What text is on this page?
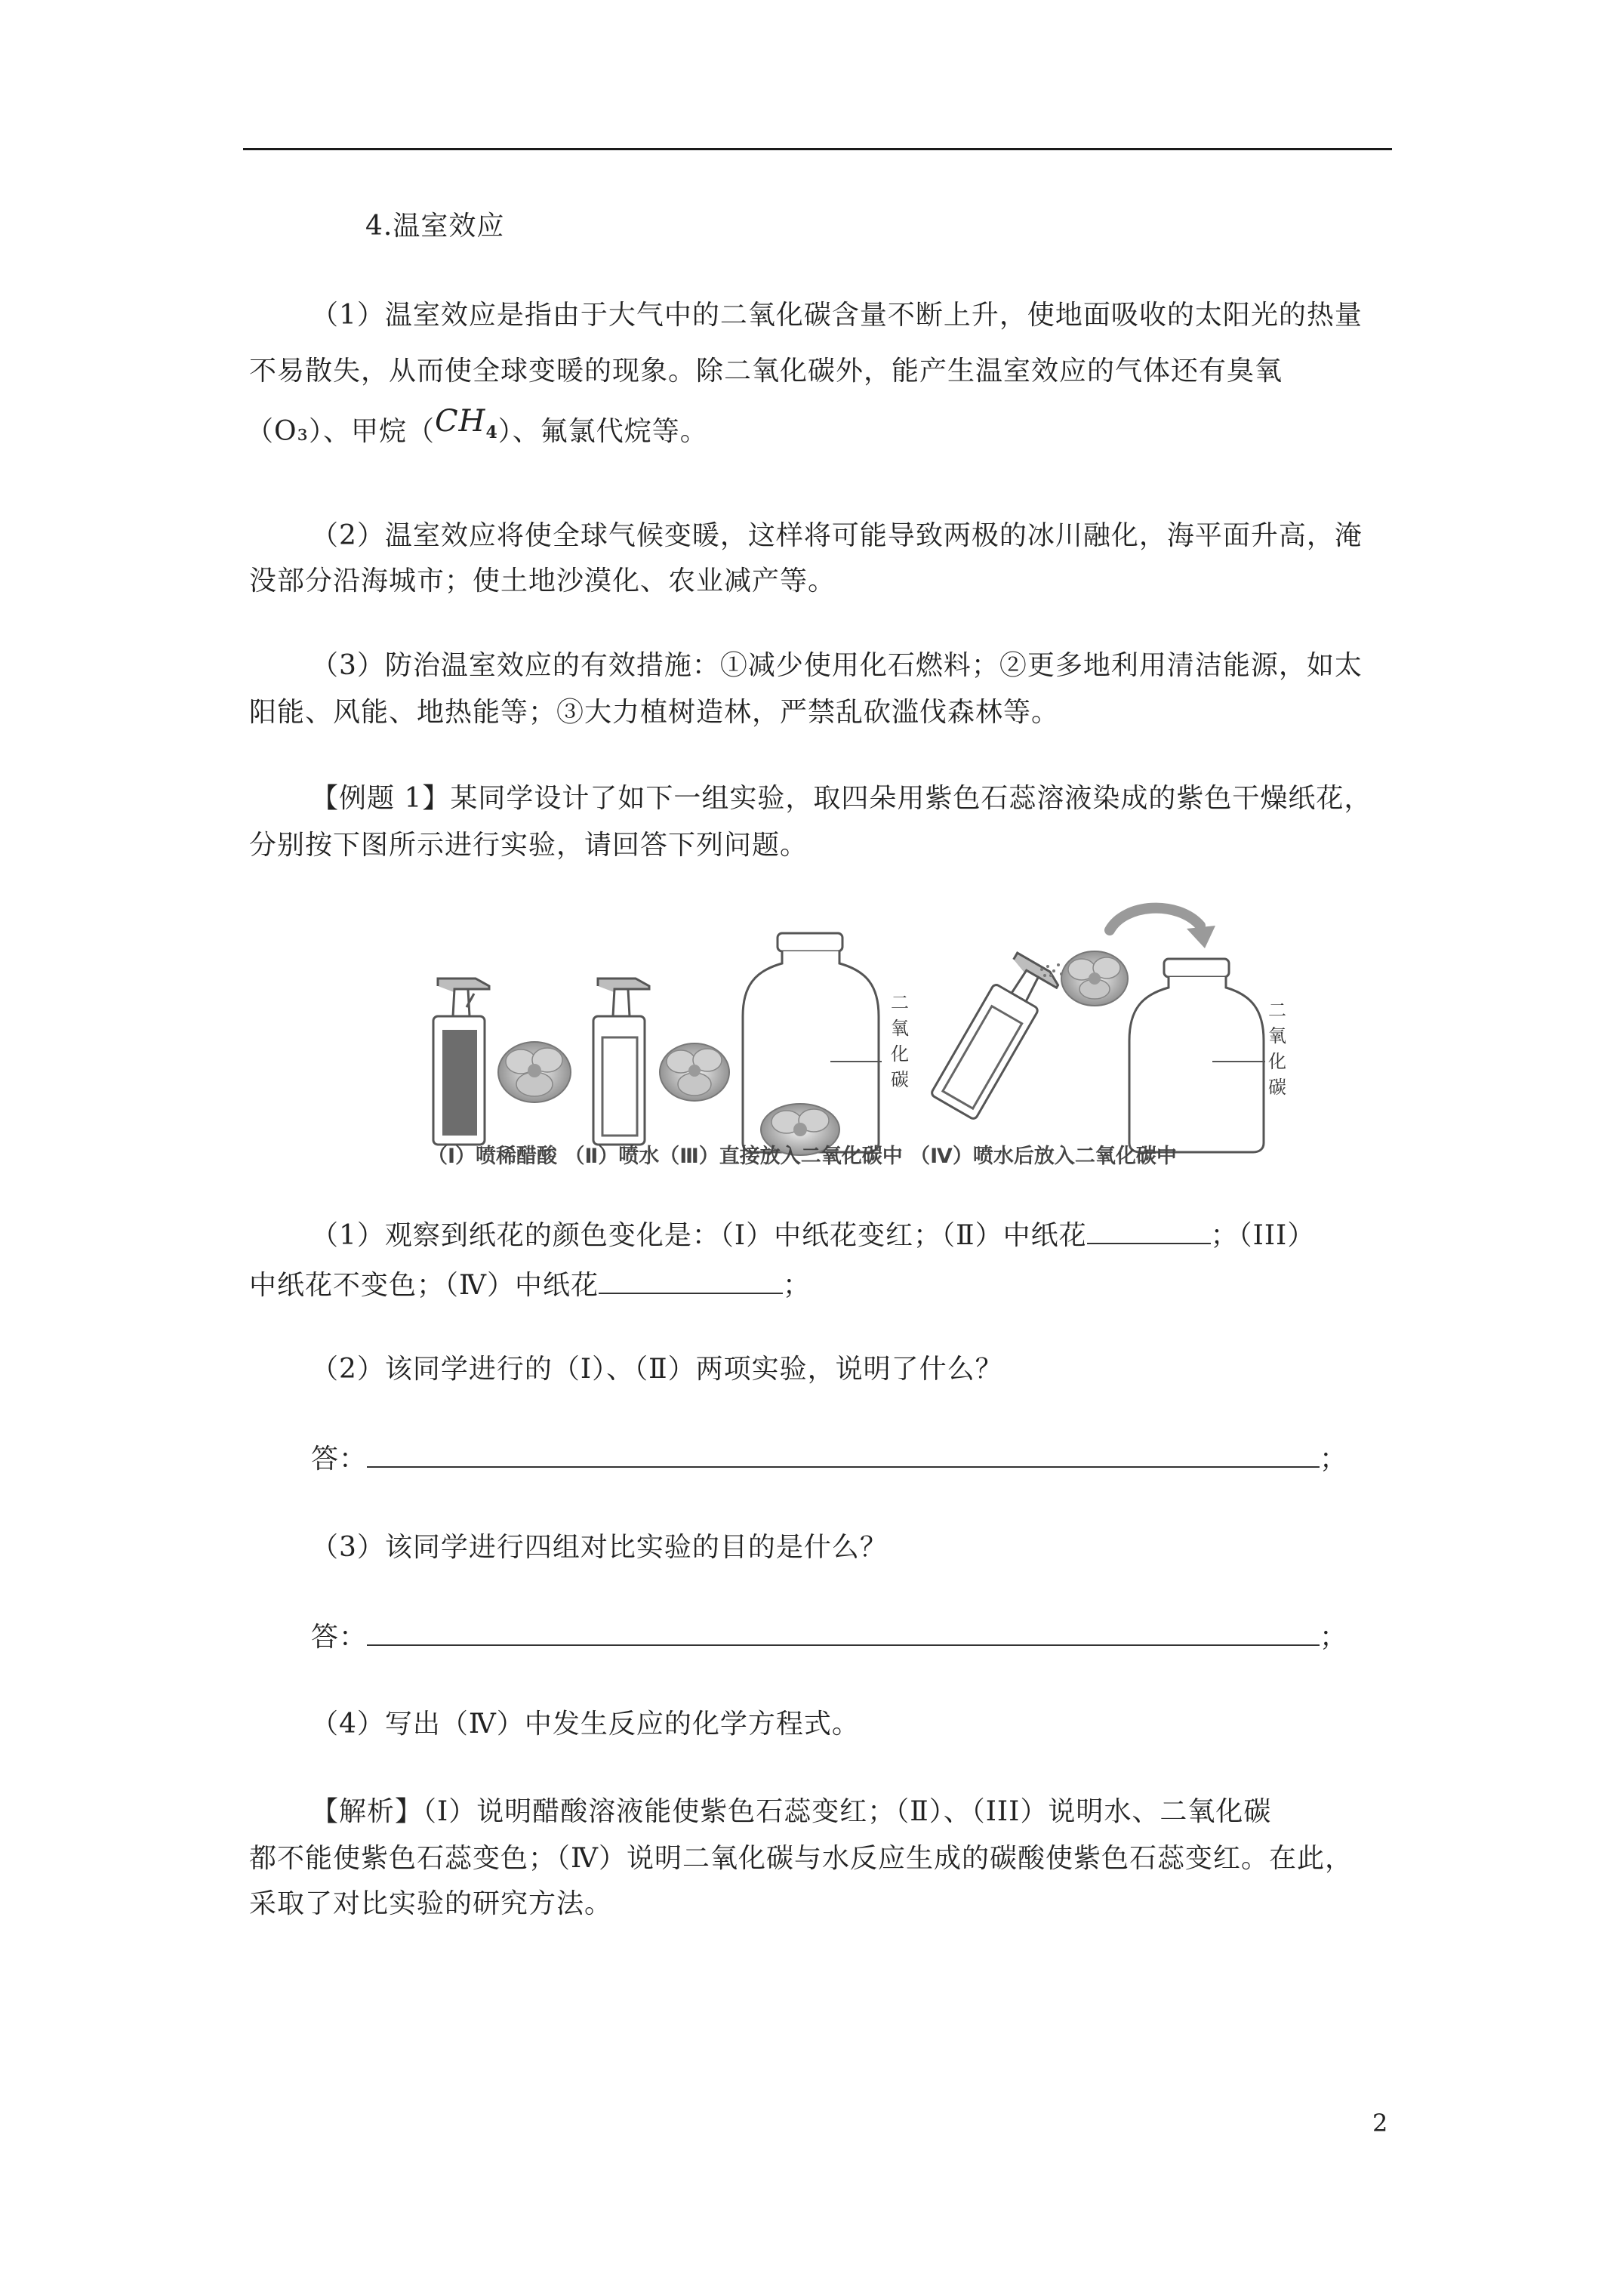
4.温室效应
（1）温室效应是指由于大气中的二氧化碳含量不断上升，使地面吸收的太阳光的热量
不易散失，从而使全球变暖的现象。除二氧化碳外，能产生温室效应的气体还有臭氧
（O₃）、甲烷$(CH_4)$、氟氯代烷等。
（2）温室效应将使全球气候变暖，这样将可能导致两极的冰川融化，海平面升高，淹
没部分沿海城市；使土地沙漠化、农业减产等。
（3）防治温室效应的有效措施：①减少使用化石燃料；②更多地利用清洁能源，如太
阳能、风能、地热能等；③大力植树造林，严禁乱砍滥伐森林等。
【例题 1】某同学设计了如下一组实验，取四朵用紫色石蕊溶液染成的紫色干燥纸花，
分别按下图所示进行实验，请回答下列问题。
二
氧
化
碳
二
氧
化
碳
（Ⅰ）喷稀醋酸 （Ⅱ）喷水（Ⅲ）直接放入二氧化碳中 （Ⅳ）喷水后放入二氧化碳中
（1）观察到纸花的颜色变化是：（Ⅰ）中纸花变红；（Ⅱ）中纸花	；（III）
中纸花不变色；（Ⅳ）中纸花	；
（2）该同学进行的（Ⅰ）、（Ⅱ）两项实验，说明了什么？
答：	；
（3）该同学进行四组对比实验的目的是什么？
答：	；
（4）写出（Ⅳ）中发生反应的化学方程式。
【解析】（Ⅰ）说明醋酸溶液能使紫色石蕊变红；（Ⅱ）、（III）说明水、二氧化碳
都不能使紫色石蕊变色；（Ⅳ）说明二氧化碳与水反应生成的碳酸使紫色石蕊变红。在此，
采取了对比实验的研究方法。
2
